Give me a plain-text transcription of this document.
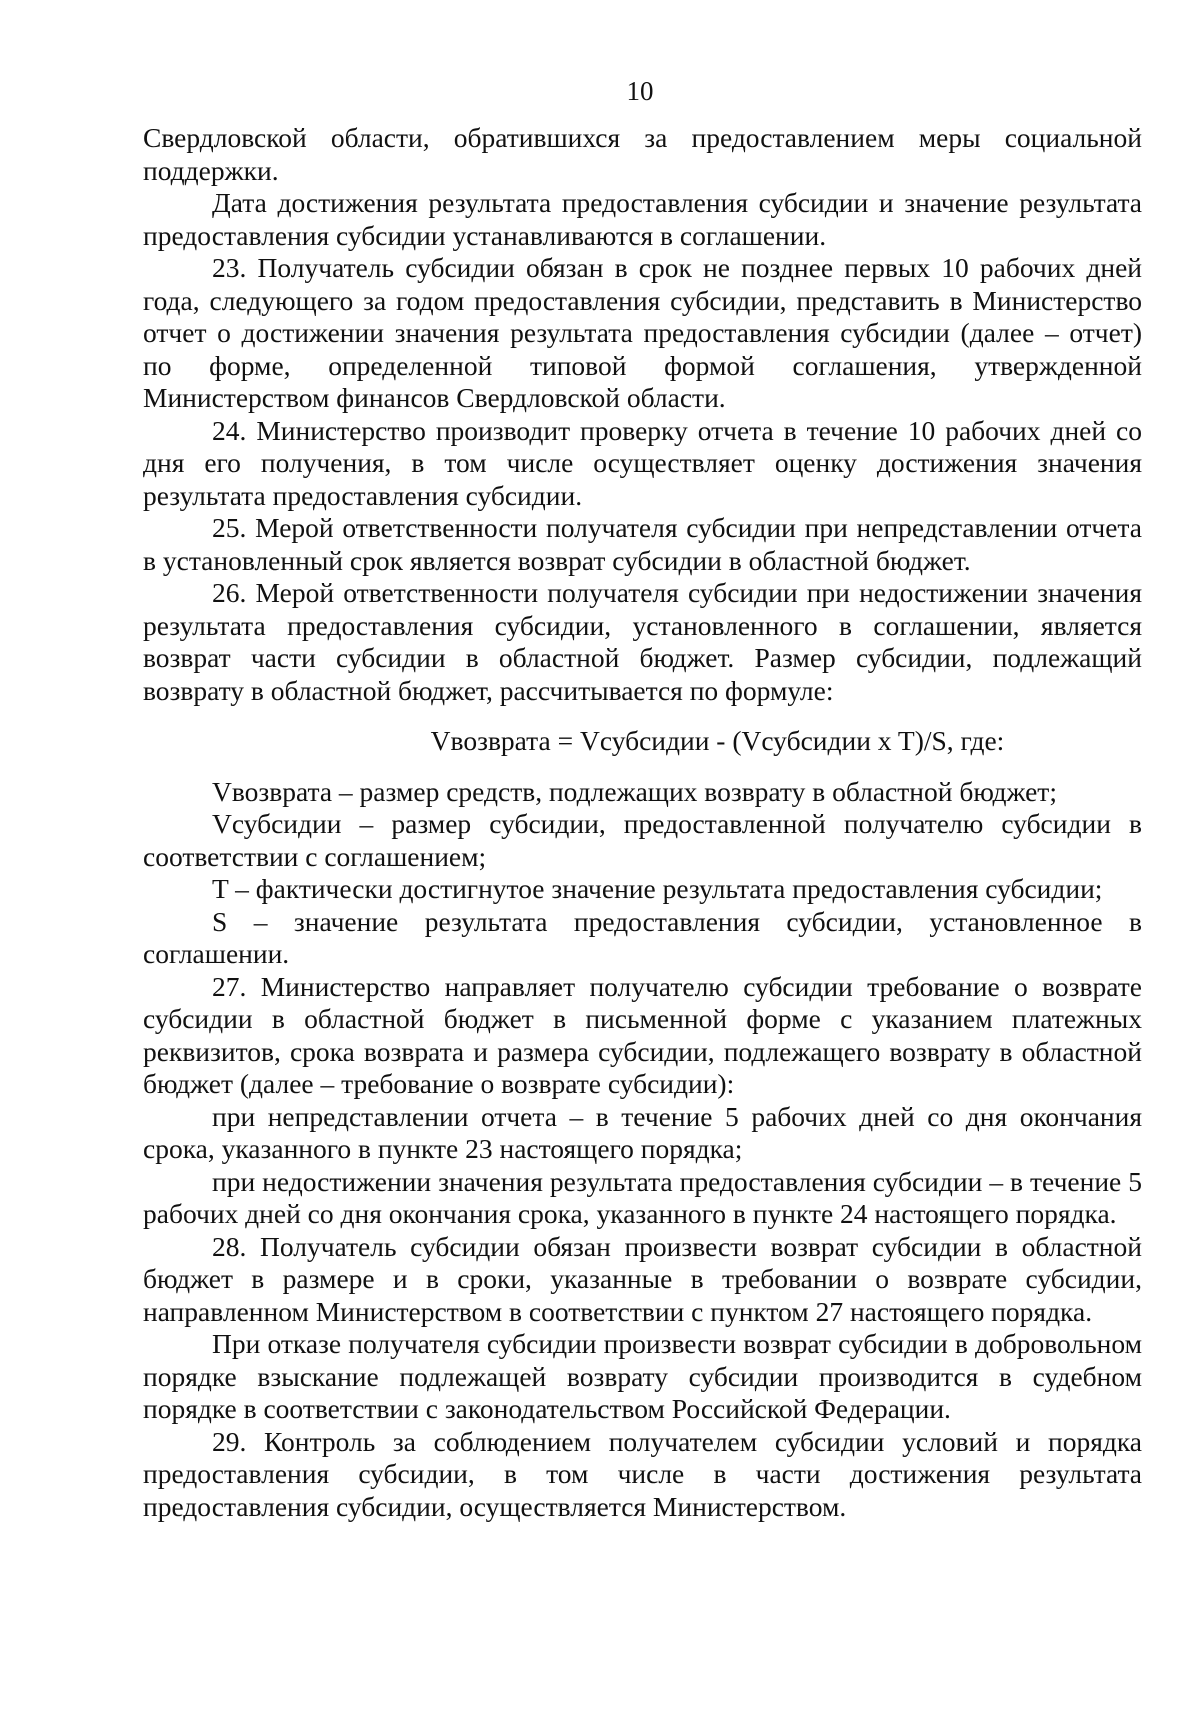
10

Свердловской области, обратившихся за предоставлением меры социальной поддержки.

Дата достижения результата предоставления субсидии и значение результата предоставления субсидии устанавливаются в соглашении.

23. Получатель субсидии обязан в срок не позднее первых 10 рабочих дней года, следующего за годом предоставления субсидии, представить в Министерство отчет о достижении значения результата предоставления субсидии (далее – отчет) по форме, определенной типовой формой соглашения, утвержденной Министерством финансов Свердловской области.

24. Министерство производит проверку отчета в течение 10 рабочих дней со дня его получения, в том числе осуществляет оценку достижения значения результата предоставления субсидии.

25. Мерой ответственности получателя субсидии при непредставлении отчета в установленный срок является возврат субсидии в областной бюджет.

26. Мерой ответственности получателя субсидии при недостижении значения результата предоставления субсидии, установленного в соглашении, является возврат части субсидии в областной бюджет. Размер субсидии, подлежащий возврату в областной бюджет, рассчитывается по формуле:

Vвозврата = Vсубсидии - (Vсубсидии x T)/S, где:

Vвозврата – размер средств, подлежащих возврату в областной бюджет;

Vсубсидии – размер субсидии, предоставленной получателю субсидии в соответствии с соглашением;

T – фактически достигнутое значение результата предоставления субсидии;

S – значение результата предоставления субсидии, установленное в соглашении.

27. Министерство направляет получателю субсидии требование о возврате субсидии в областной бюджет в письменной форме с указанием платежных реквизитов, срока возврата и размера субсидии, подлежащего возврату в областной бюджет (далее – требование о возврате субсидии):

при непредставлении отчета – в течение 5 рабочих дней со дня окончания срока, указанного в пункте 23 настоящего порядка;

при недостижении значения результата предоставления субсидии – в течение 5 рабочих дней со дня окончания срока, указанного в пункте 24 настоящего порядка.

28. Получатель субсидии обязан произвести возврат субсидии в областной бюджет в размере и в сроки, указанные в требовании о возврате субсидии, направленном Министерством в соответствии с пунктом 27 настоящего порядка.

При отказе получателя субсидии произвести возврат субсидии в добровольном порядке взыскание подлежащей возврату субсидии производится в судебном порядке в соответствии с законодательством Российской Федерации.

29. Контроль за соблюдением получателем субсидии условий и порядка предоставления субсидии, в том числе в части достижения результата предоставления субсидии, осуществляется Министерством.
